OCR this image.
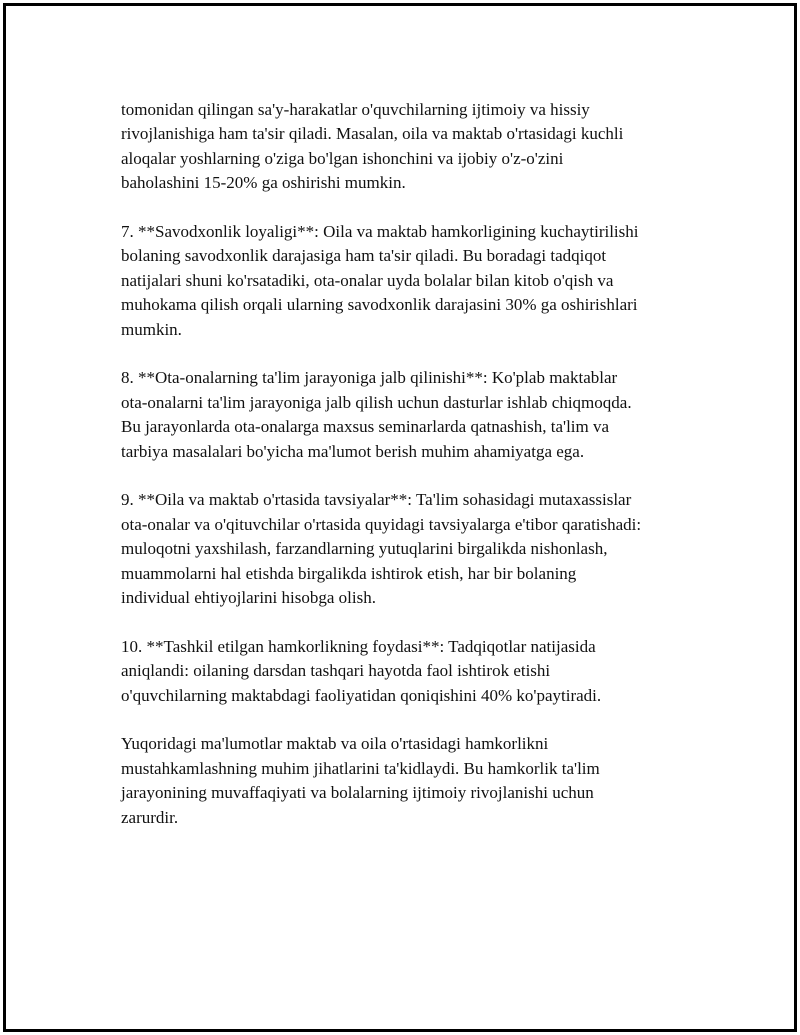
tomonidan qilingan sa'y-harakatlar o'quvchilarning ijtimoiy va hissiy
rivojlanishiga ham ta'sir qiladi. Masalan, oila va maktab o'rtasidagi kuchli
aloqalar yoshlarning o'ziga bo'lgan ishonchini va ijobiy o'z-o'zini
baholashini 15-20% ga oshirishi mumkin.

7. **Savodxonlik loyaligi**: Oila va maktab hamkorligining kuchaytirilishi
bolaning savodxonlik darajasiga ham ta'sir qiladi. Bu boradagi tadqiqot
natijalari shuni ko'rsatadiki, ota-onalar uyda bolalar bilan kitob o'qish va
muhokama qilish orqali ularning savodxonlik darajasini 30% ga oshirishlari
mumkin.

8. **Ota-onalarning ta'lim jarayoniga jalb qilinishi**: Ko'plab maktablar
ota-onalarni ta'lim jarayoniga jalb qilish uchun dasturlar ishlab chiqmoqda.
Bu jarayonlarda ota-onalarga maxsus seminarlarda qatnashish, ta'lim va
tarbiya masalalari bo'yicha ma'lumot berish muhim ahamiyatga ega.

9. **Oila va maktab o'rtasida tavsiyalar**: Ta'lim sohasidagi mutaxassislar
ota-onalar va o'qituvchilar o'rtasida quyidagi tavsiyalarga e'tibor qaratishadi:
muloqotni yaxshilash, farzandlarning yutuqlarini birgalikda nishonlash,
muammolarni hal etishda birgalikda ishtirok etish, har bir bolaning
individual ehtiyojlarini hisobga olish.

10. **Tashkil etilgan hamkorlikning foydasi**: Tadqiqotlar natijasida
aniqlandi: oilaning darsdan tashqari hayotda faol ishtirok etishi
o'quvchilarning maktabdagi faoliyatidan qoniqishini 40% ko'paytiradi.

Yuqoridagi ma'lumotlar maktab va oila o'rtasidagi hamkorlikni
mustahkamlashning muhim jihatlarini ta'kidlaydi. Bu hamkorlik ta'lim
jarayonining muvaffaqiyati va bolalarning ijtimoiy rivojlanishi uchun
zarurdir.
